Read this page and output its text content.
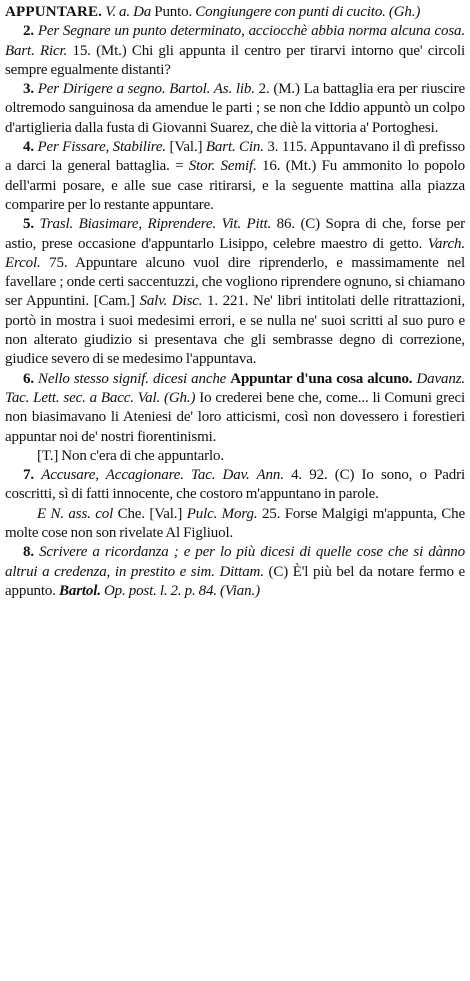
APPUNTARE. V. a. Da Punto. Congiungere con punti di cucito. (Gh.)

2. Per Segnare un punto determinato, acciocchè abbia norma alcuna cosa. Bart. Ricr. 15. (Mt.) Chi gli appunta il centro per tirarvi intorno que' circoli sempre egualmente distanti?

3. Per Dirigere a segno. Bartol. As. lib. 2. (M.) La battaglia era per riuscire oltremodo sanguinosa da amendue le parti ; se non che Iddio appuntò un colpo d'artiglieria dalla fusta di Giovanni Suarez, che diè la vittoria a' Portoghesi.

4. Per Fissare, Stabilire. [Val.] Bart. Cin. 3. 115. Appuntavano il dì prefisso a darci la general battaglia. = Stor. Semif. 16. (Mt.) Fu ammonito lo popolo dell'armi posare, e alle sue case ritirarsi, e la seguente mattina alla piazza comparire per lo restante appuntare.

5. Trasl. Biasimare, Riprendere. Vit. Pitt. 86. (C) Sopra di che, forse per astio, prese occasione d'appuntarlo Lisippo, celebre maestro di getto. Varch. Ercol. 75. Appuntare alcuno vuol dire riprenderlo, e massimamente nel favellare ; onde certi saccentuzzi, che vogliono riprendere ognuno, si chiamano ser Appuntini. [Cam.] Salv. Disc. 1. 221. Ne' libri intitolati delle ritrattazioni, portò in mostra i suoi medesimi errori, e se nulla ne' suoi scritti al suo puro e non alterato giudizio si presentava che gli sembrasse degno di correzione, giudice severo di se medesimo l'appuntava.

6. Nello stesso signif. dicesi anche Appuntar d'una cosa alcuno. Davanz. Tac. Lett. sec. a Bacc. Val. (Gh.) Io crederei bene che, come... li Comuni greci non biasimavano li Ateniesi de' loro atticismi, così non dovessero i forestieri appuntar noi de' nostri fiorentinismi.

[T.] Non c'era di che appuntarlo.

7. Accusare, Accagionare. Tac. Dav. Ann. 4. 92. (C) Io sono, o Padri coscritti, sì di fatti innocente, che costoro m'appuntano in parole.

E N. ass. col Che. [Val.] Pulc. Morg. 25. Forse Malgigi m'appunta, Che molte cose non son rivelate Al Figliuol.

8. Scrivere a ricordanza ; e per lo più dicesi di quelle cose che si dànno altrui a credenza, in prestito e sim. Dittam. (C) È'l più bel da notare fermo e appunto. Bartol. Op. post. l. 2. p. 84. (Vian.)
